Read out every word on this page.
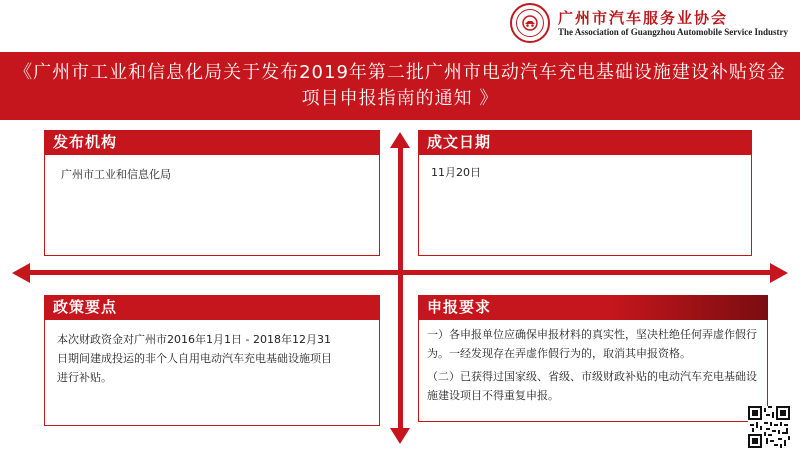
广州市汽车服务业协会
The Association of Guangzhou Automobile Service Industry
《广州市工业和信息化局关于发布2019年第二批广州市电动汽车充电基础设施建设补贴资金项目申报指南的通知 》
发布机构
广州市工业和信息化局
成文日期
11月20日
政策要点
本次财政资金对广州市2016年1月1日 - 2018年12月31日期间建成投运的非个人自用电动汽车充电基础设施项目进行补贴。
申报要求
一）各申报单位应确保申报材料的真实性，坚决杜绝任何弄虚作假行为。一经发现存在弄虚作假行为的，取消其申报资格。
（二）已获得过国家级、省级、市级财政补贴的电动汽车充电基础设施建设项目不得重复申报。
